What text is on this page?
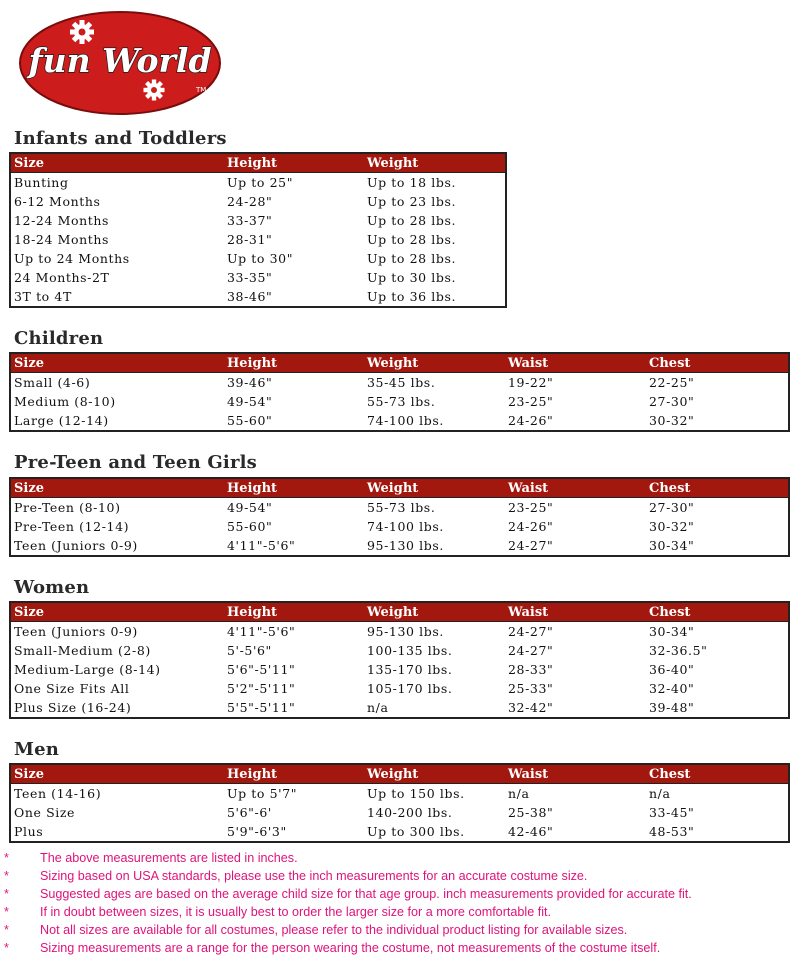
fun World
TM
Infants and Toddlers
Size	Height	Weight
Bunting	Up to 25"	Up to 18 lbs.
6-12 Months	24-28"	Up to 23 lbs.
12-24 Months	33-37"	Up to 28 lbs.
18-24 Months	28-31"	Up to 28 lbs.
Up to 24 Months	Up to 30"	Up to 28 lbs.
24 Months-2T	33-35"	Up to 30 lbs.
3T to 4T	38-46"	Up to 36 lbs.
Children
Size	Height	Weight	Waist	Chest
Small (4-6)	39-46"	35-45 lbs.	19-22"	22-25"
Medium (8-10)	49-54"	55-73 lbs.	23-25"	27-30"
Large (12-14)	55-60"	74-100 lbs.	24-26"	30-32"
Pre-Teen and Teen Girls
Size	Height	Weight	Waist	Chest
Pre-Teen (8-10)	49-54"	55-73 lbs.	23-25"	27-30"
Pre-Teen (12-14)	55-60"	74-100 lbs.	24-26"	30-32"
Teen (Juniors 0-9)	4'11"-5'6"	95-130 lbs.	24-27"	30-34"
Women
Size	Height	Weight	Waist	Chest
Teen (Juniors 0-9)	4'11"-5'6"	95-130 lbs.	24-27"	30-34"
Small-Medium (2-8)	5'-5'6"	100-135 lbs.	24-27"	32-36.5"
Medium-Large (8-14)	5'6"-5'11"	135-170 lbs.	28-33"	36-40"
One Size Fits All	5'2"-5'11"	105-170 lbs.	25-33"	32-40"
Plus Size (16-24)	5'5"-5'11"	n/a	32-42"	39-48"
Men
Size	Height	Weight	Waist	Chest
Teen (14-16)	Up to 5'7"	Up to 150 lbs.	n/a	n/a
One Size	5'6"-6'	140-200 lbs.	25-38"	33-45"
Plus	5'9"-6'3"	Up to 300 lbs.	42-46"	48-53"
* The above measurements are listed in inches.
* Sizing based on USA standards, please use the inch measurements for an accurate costume size.
* Suggested ages are based on the average child size for that age group. inch measurements provided for accurate fit.
* If in doubt between sizes, it is usually best to order the larger size for a more comfortable fit.
* Not all sizes are available for all costumes, please refer to the individual product listing for available sizes.
* Sizing measurements are a range for the person wearing the costume, not measurements of the costume itself.
